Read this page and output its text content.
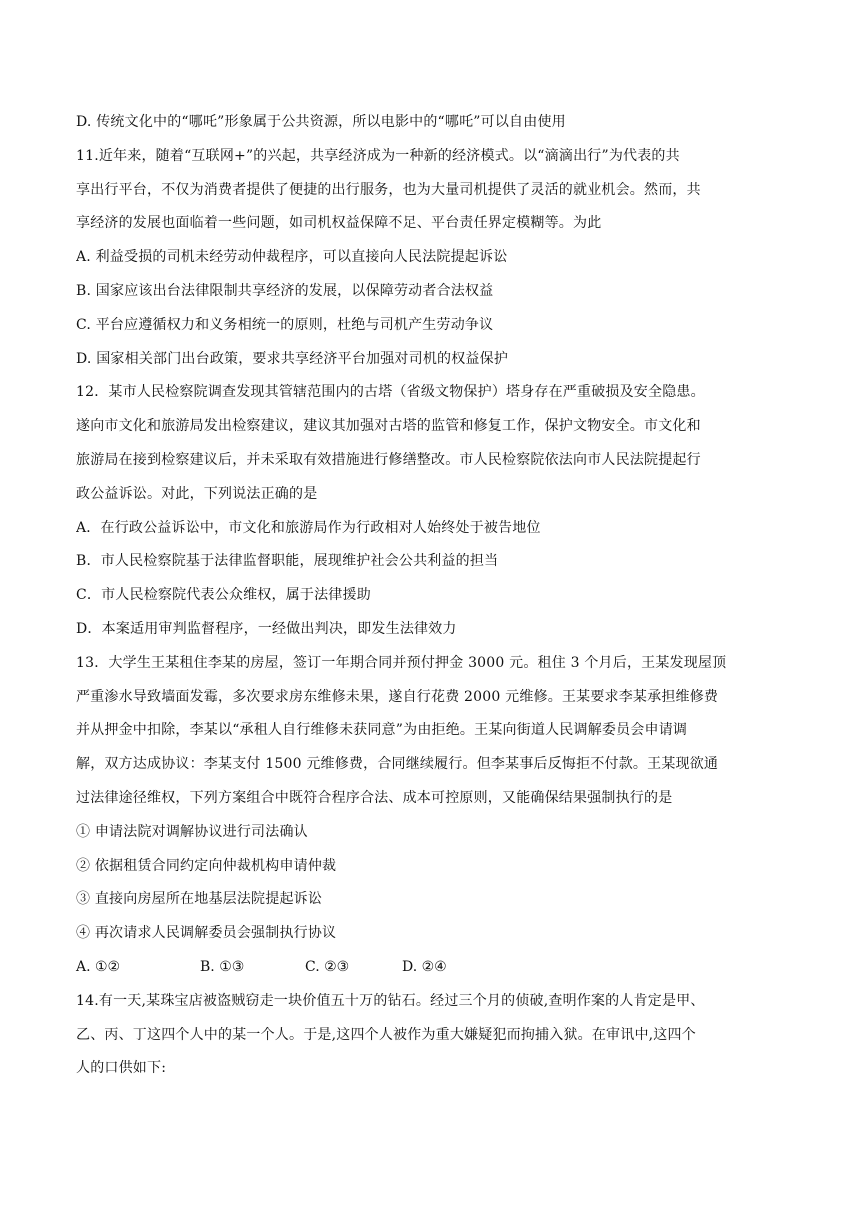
D. 传统文化中的“哪吒”形象属于公共资源，所以电影中的“哪吒”可以自由使用
11.近年来，随着“互联网+”的兴起，共享经济成为一种新的经济模式。以“滴滴出行”为代表的共
享出行平台，不仅为消费者提供了便捷的出行服务，也为大量司机提供了灵活的就业机会。然而，共
享经济的发展也面临着一些问题，如司机权益保障不足、平台责任界定模糊等。为此
A. 利益受损的司机未经劳动仲裁程序，可以直接向人民法院提起诉讼
B. 国家应该出台法律限制共享经济的发展，以保障劳动者合法权益
C. 平台应遵循权力和义务相统一的原则，杜绝与司机产生劳动争议
D. 国家相关部门出台政策，要求共享经济平台加强对司机的权益保护
12．某市人民检察院调查发现其管辖范围内的古塔（省级文物保护）塔身存在严重破损及安全隐患。
遂向市文化和旅游局发出检察建议，建议其加强对古塔的监管和修复工作，保护文物安全。市文化和
旅游局在接到检察建议后，并未采取有效措施进行修缮整改。市人民检察院依法向市人民法院提起行
政公益诉讼。对此，下列说法正确的是
A．在行政公益诉讼中，市文化和旅游局作为行政相对人始终处于被告地位
B．市人民检察院基于法律监督职能，展现维护社会公共利益的担当
C．市人民检察院代表公众维权，属于法律援助
D．本案适用审判监督程序，一经做出判决，即发生法律效力
13．大学生王某租住李某的房屋，签订一年期合同并预付押金 3000 元。租住 3 个月后，王某发现屋顶
严重渗水导致墙面发霉，多次要求房东维修未果，遂自行花费 2000 元维修。王某要求李某承担维修费
并从押金中扣除，李某以“承租人自行维修未获同意”为由拒绝。王某向街道人民调解委员会申请调
解，双方达成协议：李某支付 1500 元维修费，合同继续履行。但李某事后反悔拒不付款。王某现欲通
过法律途径维权，下列方案组合中既符合程序合法、成本可控原则，又能确保结果强制执行的是
① 申请法院对调解协议进行司法确认
② 依据租赁合同约定向仲裁机构申请仲裁
③ 直接向房屋所在地基层法院提起诉讼
④ 再次请求人民调解委员会强制执行协议
A. ①②	B. ①③	C. ②③	D. ②④
14.有一天,某珠宝店被盗贼窃走一块价值五十万的钻石。经过三个月的侦破,查明作案的人肯定是甲、
乙、丙、丁这四个人中的某一个人。于是,这四个人被作为重大嫌疑犯而拘捕入狱。在审讯中,这四个
人的口供如下:
